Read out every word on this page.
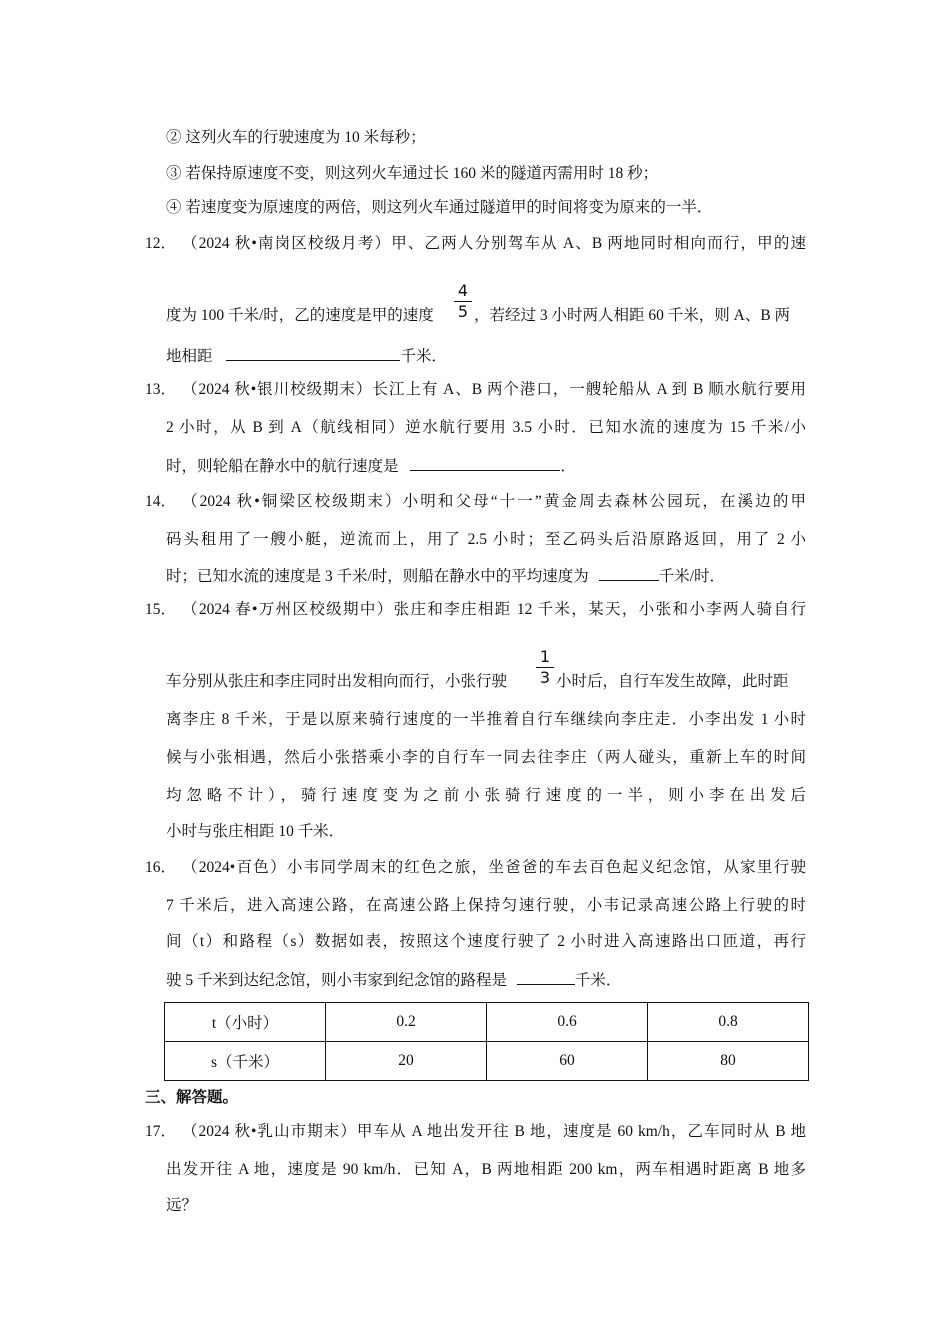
② 这列火车的行驶速度为 10 米每秒；
③ 若保持原速度不变，则这列火车通过长 160 米的隧道丙需用时 18 秒；
④ 若速度变为原速度的两倍，则这列火车通过隧道甲的时间将变为原来的一半．
12． （2024 秋•南岗区校级月考）甲、乙两人分别驾车从 A、B 两地同时相向而行，甲的速
度为 100 千米/时，乙的速度是甲的速度
4
5 ，若经过 3 小时两人相距 60 千米，则 A、B 两
地相距	千米．
13． （2024 秋•银川校级期末）长江上有 A、B 两个港口，一艘轮船从 A 到 B 顺水航行要用
2 小时，从 B 到 A（航线相同）逆水航行要用 3.5 小时．已知水流的速度为 15 千米/小
时，则轮船在静水中的航行速度是	．
14． （2024 秋•铜梁区校级期末）小明和父母“十一”黄金周去森林公园玩，在溪边的甲
码头租用了一艘小艇，逆流而上，用了 2.5 小时；至乙码头后沿原路返回，用了 2 小
时；已知水流的速度是 3 千米/时，则船在静水中的平均速度为	千米/时．
15． （2024 春•万州区校级期中）张庄和李庄相距 12 千米，某天，小张和小李两人骑自行
车分别从张庄和李庄同时出发相向而行，小张行驶
1
3 小时后，自行车发生故障，此时距
离李庄 8 千米，于是以原来骑行速度的一半推着自行车继续向李庄走．小李出发 1 小时
候与小张相遇，然后小张搭乘小李的自行车一同去往李庄（两人碰头，重新上车的时间
均忽略不计），骑行速度变为之前小张骑行速度的一半，则小李在出发后
小时与张庄相距 10 千米．
16． （2024•百色）小韦同学周末的红色之旅，坐爸爸的车去百色起义纪念馆，从家里行驶
7 千米后，进入高速公路，在高速公路上保持匀速行驶，小韦记录高速公路上行驶的时
间（t）和路程（s）数据如表，按照这个速度行驶了 2 小时进入高速路出口匝道，再行
驶 5 千米到达纪念馆，则小韦家到纪念馆的路程是	千米．
t（小时）	0.2	0.6	0.8
s（千米）	20	60	80
三、解答题。
17． （2024 秋•乳山市期末）甲车从 A 地出发开往 B 地，速度是 60 km/h，乙车同时从 B 地
出发开往 A 地，速度是 90 km/h．已知 A，B 两地相距 200 km，两车相遇时距离 B 地多
远？
